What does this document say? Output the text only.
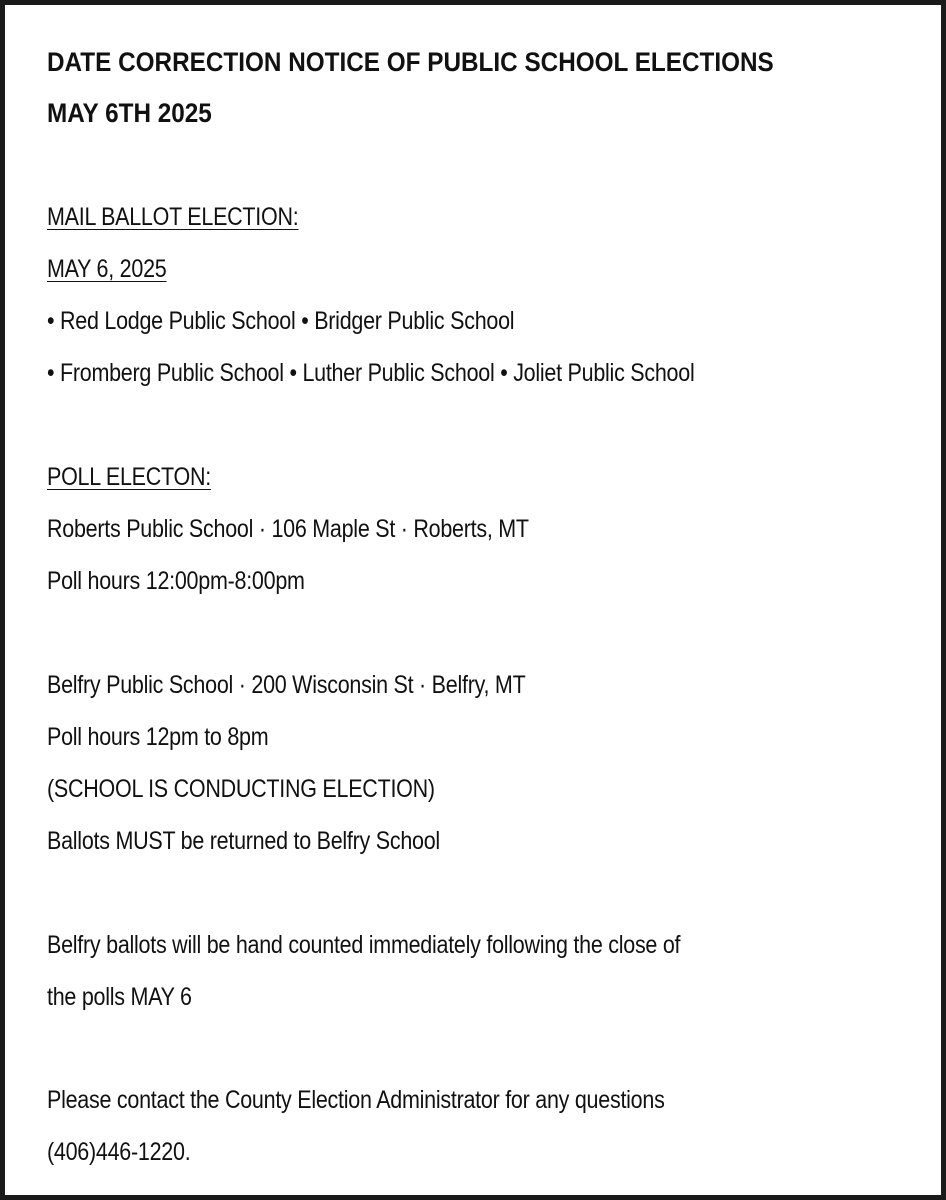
DATE CORRECTION NOTICE OF PUBLIC SCHOOL ELECTIONS
MAY 6TH 2025
MAIL BALLOT ELECTION:
MAY 6, 2025
• Red Lodge Public School • Bridger Public School
• Fromberg Public School • Luther Public School • Joliet Public School
POLL ELECTON:
Roberts Public School · 106 Maple St · Roberts, MT
Poll hours 12:00pm-8:00pm
Belfry Public School · 200 Wisconsin St · Belfry, MT
Poll hours 12pm to 8pm
(SCHOOL IS CONDUCTING ELECTION)
Ballots MUST be returned to Belfry School
Belfry ballots will be hand counted immediately following the close of
the polls MAY 6
Please contact the County Election Administrator for any questions
(406)446-1220.
